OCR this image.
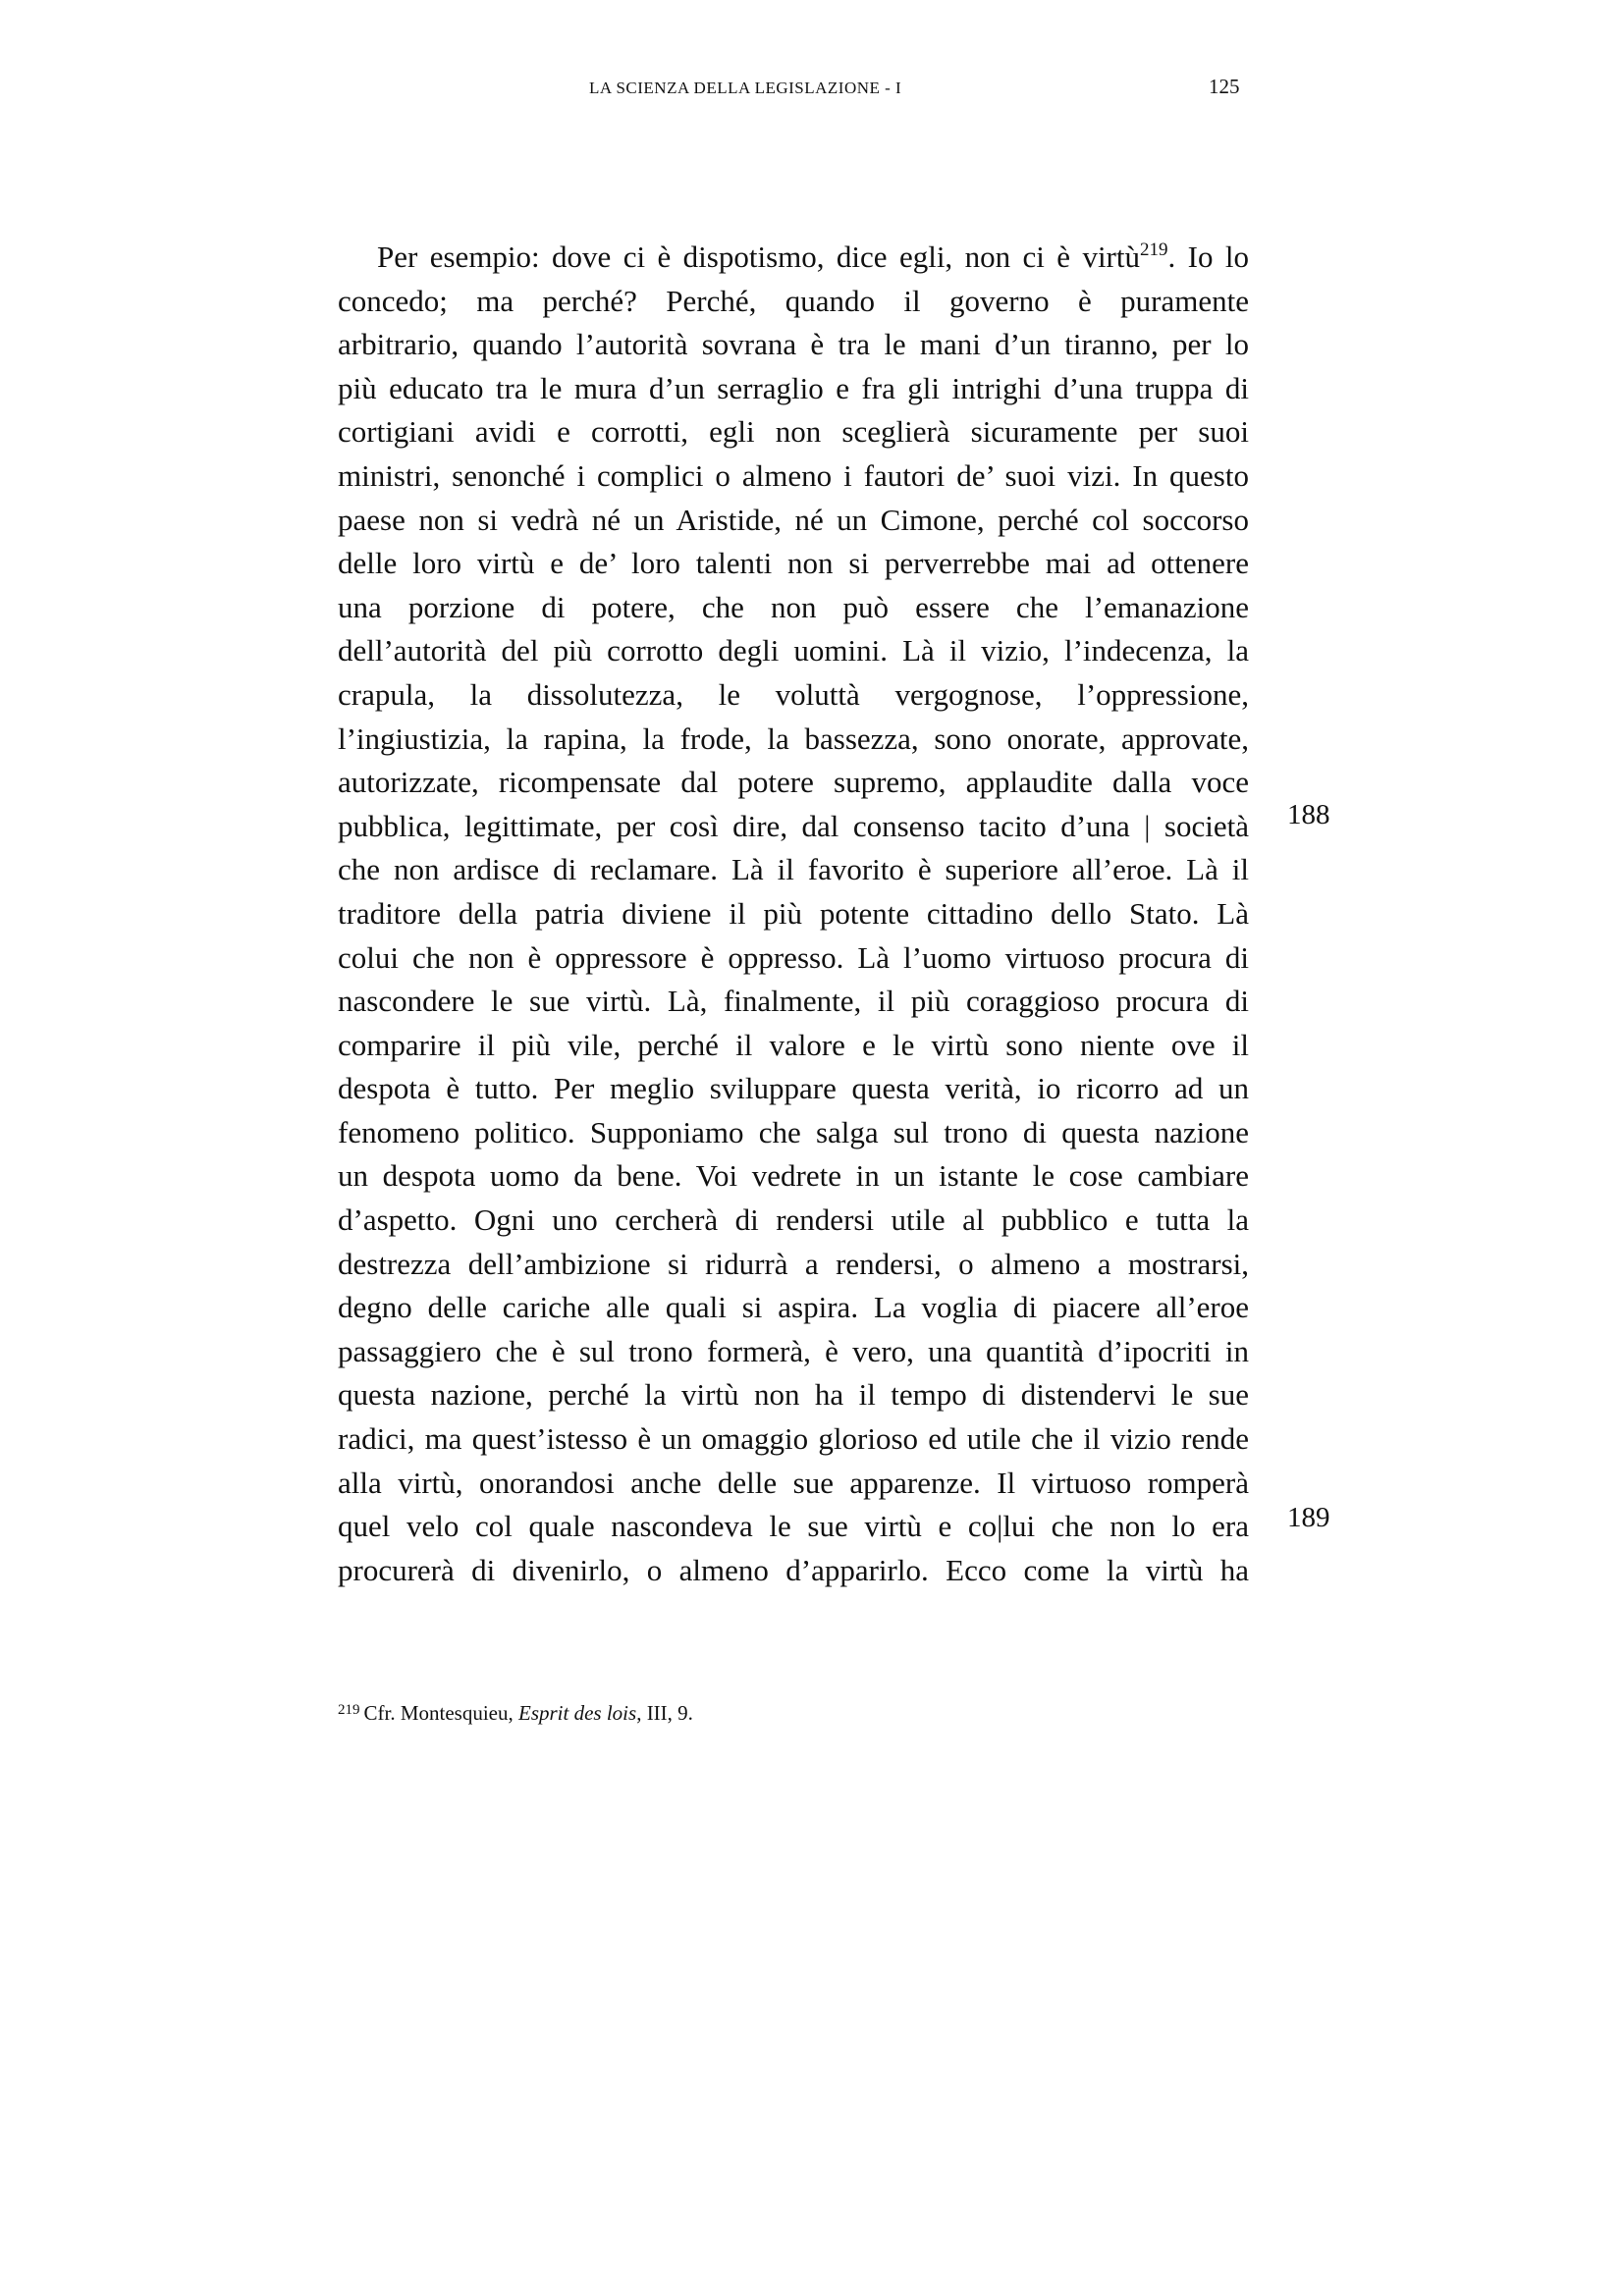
LA SCIENZA DELLA LEGISLAZIONE - I	125
Per esempio: dove ci è dispotismo, dice egli, non ci è virtù$^{219}$. Io lo
concedo; ma perché? Perché, quando il governo è puramente
arbitrario, quando l’autorità sovrana è tra le mani d’un tiranno, per lo
più educato tra le mura d’un serraglio e fra gli intrighi d’una truppa di
cortigiani avidi e corrotti, egli non sceglierà sicuramente per suoi
ministri, senonché i complici o almeno i fautori de’ suoi vizi. In questo
paese non si vedrà né un Aristide, né un Cimone, perché col soccorso
delle loro virtù e de’ loro talenti non si perverrebbe mai ad ottenere
una porzione di potere, che non può essere che l’emanazione
dell’autorità del più corrotto degli uomini. Là il vizio, l’indecenza, la
crapula, la dissolutezza, le voluttà vergognose, l’oppressione,
l’ingiustizia, la rapina, la frode, la bassezza, sono onorate, approvate,
autorizzate, ricompensate dal potere supremo, applaudite dalla voce
pubblica, legittimate, per così dire, dal consenso tacito d’una | società
che non ardisce di reclamare. Là il favorito è superiore all’eroe. Là il
traditore della patria diviene il più potente cittadino dello Stato. Là
colui che non è oppressore è oppresso. Là l’uomo virtuoso procura di
nascondere le sue virtù. Là, finalmente, il più coraggioso procura di
comparire il più vile, perché il valore e le virtù sono niente ove il
despota è tutto. Per meglio sviluppare questa verità, io ricorro ad un
fenomeno politico. Supponiamo che salga sul trono di questa nazione
un despota uomo da bene. Voi vedrete in un istante le cose cambiare
d’aspetto. Ogni uno cercherà di rendersi utile al pubblico e tutta la
destrezza dell’ambizione si ridurrà a rendersi, o almeno a mostrarsi,
degno delle cariche alle quali si aspira. La voglia di piacere all’eroe
passaggiero che è sul trono formerà, è vero, una quantità d’ipocriti in
questa nazione, perché la virtù non ha il tempo di distendervi le sue
radici, ma quest’istesso è un omaggio glorioso ed utile che il vizio rende
alla virtù, onorandosi anche delle sue apparenze. Il virtuoso romperà
quel velo col quale nascondeva le sue virtù e co|lui che non lo era
procurerà di divenirlo, o almeno d’apparirlo. Ecco come la virtù ha
188
189
$^{219}$ Cfr. Montesquieu, Esprit des lois, III, 9.
